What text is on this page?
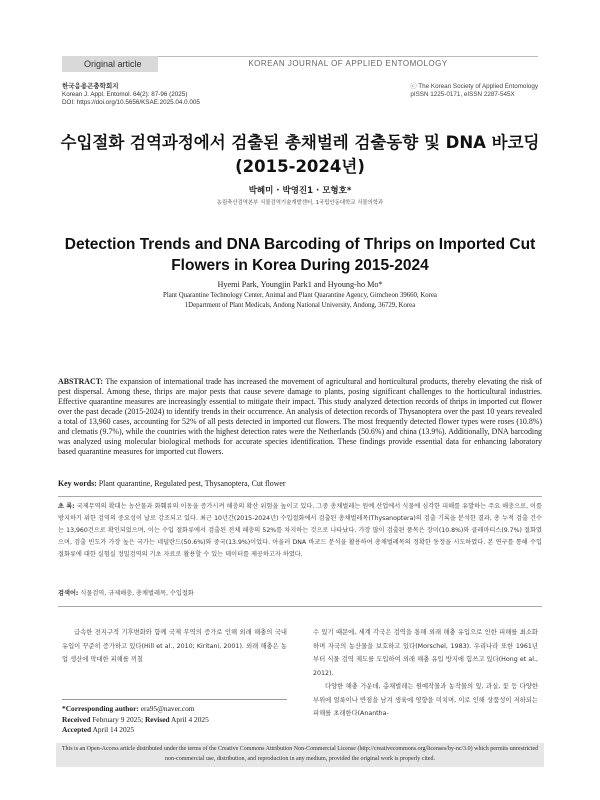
Original article	KOREAN JOURNAL OF APPLIED ENTOMOLOGY
한국응용곤충학회지
Korean J. Appl. Entomol. 64(2): 87-96 (2025)
DOI: https://doi.org/10.5656/KSAE.2025.04.0.005
ⓒ The Korean Society of Applied Entomology
pISSN 1225-0171, eISSN 2287-545X
수입절화 검역과정에서 검출된 총채벌레 검출동향 및 DNA 바코딩 (2015-2024년)
박혜미 · 박영진1 · 모형호*
농림축산검역본부 식물검역기술개발센터, 1국립안동대학교 식물의학과
Detection Trends and DNA Barcoding of Thrips on Imported Cut Flowers in Korea During 2015-2024
Hyemi Park, Youngjin Park1 and Hyoung-ho Mo*
Plant Quarantine Technology Center, Animal and Plant Quarantine Agency, Gimcheon 39660, Korea
1Department of Plant Medicals, Andong National University, Andong, 36729, Korea
ABSTRACT: The expansion of international trade has increased the movement of agricultural and horticultural products, thereby elevating the risk of pest dispersal. Among these, thrips are major pests that cause severe damage to plants, posing significant challenges to the horticultural industries. Effective quarantine measures are increasingly essential to mitigate their impact. This study analyzed detection records of thrips in imported cut flower over the past decade (2015-2024) to identify trends in their occurrence. An analysis of detection records of Thysanoptera over the past 10 years revealed a total of 13,960 cases, accounting for 52% of all pests detected in imported cut flowers. The most frequently detected flower types were roses (10.8%) and clematis (9.7%), while the countries with the highest detection rates were the Netherlands (50.6%) and china (13.9%). Additionally, DNA barcoding was analyzed using molecular biological methods for accurate species identification. These findings provide essential data for enhancing laboratory based quarantine measures for imported cut flowers.
Key words: Plant quarantine, Regulated pest, Thysanoptera, Cut flower
초 록: 국제무역의 확대는 농산물과 화훼류의 이동을 증가시켜 해충의 확산 위험을 높이고 있다. 그중 총채벌레는 원예 산업에서 식물에 심각한 피해를 유발하는 주요 해충으로, 이를 방지하기 위한 검역의 중요성이 날로 강조되고 있다. 최근 10년간(2015-2024년) 수입절화에서 검출된 총채벌레목(Thysanoptera)의 검출 기록을 분석한 결과, 총 누적 검출 건수는 13,960건으로 확인되었으며, 이는 수입 절화류에서 검출된 전체 해충의 52%를 차지하는 것으로 나타났다. 가장 많이 검출된 품목은 장미(10.8%)와 클레마티스(9.7%) 절화였으며, 검출 빈도가 가장 높은 국가는 네덜란드(50.6%)와 중국(13.9%)이었다. 아울러 DNA 바코드 분석을 활용하여 총채벌레목의 정확한 동정을 시도하였다. 본 연구를 통해 수입 절화류에 대한 실험실 정밀검역의 기초 자료로 활용할 수 있는 데이터를 제공하고자 하였다.
검색어: 식물검역, 규제해충, 총채벌레목, 수입절화

급속한 전지구적 기후변화와 함께 국제 무역의 증가로 인해 외래 해충의 국내 유입이 꾸준히 증가하고 있다(Hill et al., 2010; Kiritani, 2001). 외래 해충은 농업 생산에 막대한 피해를 끼칠

수 있기 때문에, 세계 각국은 검역을 통해 외래 해충 유입으로 인한 피해를 최소화하며 자국의 농산물을 보호하고 있다(Morschel, 1983). 우리나라 또한 1961년부터 식물 검역 제도를 도입하여 외래 해충 유입 방지에 힘쓰고 있다(Hong et al., 2012).

다양한 해충 가운데, 총채벌레는 원예작물과 농작물의 잎, 과실, 꽃 등 다양한 부위에 얼룩이나 반점을 남겨 생육에 영향을 미치며, 이로 인해 상품성이 저하되는 피해를 초래한다(Anantha-

*Corresponding author: era95@naver.com
Received February 9 2025; Revised April 4 2025
Accepted April 14 2025
This is an Open-Access article distributed under the terms of the Creative Commons Attribution Non-Commercial License (http://creativecommons.org/licenses/by-nc/3.0) which permits unrestricted non-commercial use, distribution, and reproduction in any medium, provided the original work is properly cited.
